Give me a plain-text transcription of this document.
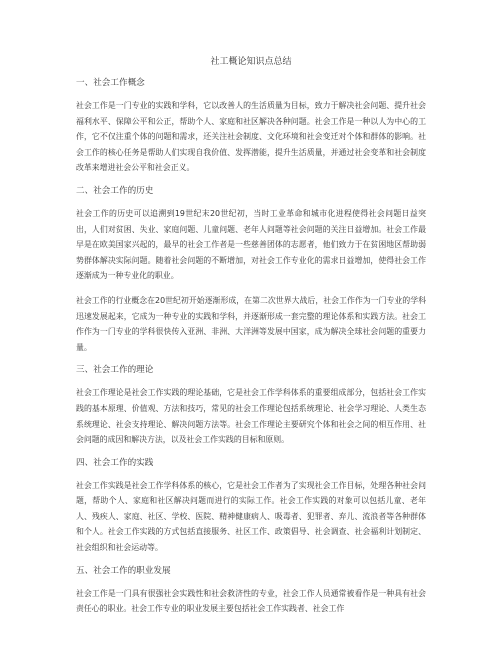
社工概论知识点总结
一、社会工作概念

社会工作是一门专业的实践和学科，它以改善人的生活质量为目标，致力于解决社会问题、提升社会福利水平、保障公平和公正，帮助个人、家庭和社区解决各种问题。社会工作是一种以人为中心的工作，它不仅注重个体的问题和需求，还关注社会制度、文化环境和社会变迁对个体和群体的影响。社会工作的核心任务是帮助人们实现自我价值、发挥潜能，提升生活质量，并通过社会变革和社会制度改革来增进社会公平和社会正义。

二、社会工作的历史

社会工作的历史可以追溯到19世纪末20世纪初，当时工业革命和城市化进程使得社会问题日益突出，人们对贫困、失业、家庭问题、儿童问题、老年人问题等社会问题的关注日益增加。社会工作最早是在欧美国家兴起的，最早的社会工作者是一些慈善团体的志愿者，他们致力于在贫困地区帮助弱势群体解决实际问题。随着社会问题的不断增加，对社会工作专业化的需求日益增加，使得社会工作逐渐成为一种专业化的职业。

社会工作的行业概念在20世纪初开始逐渐形成，在第二次世界大战后，社会工作作为一门专业的学科迅速发展起来，它成为一种专业的实践和学科，并逐渐形成一套完整的理论体系和实践方法。社会工作作为一门专业的学科很快传入亚洲、非洲、大洋洲等发展中国家，成为解决全球社会问题的重要力量。

三、社会工作的理论

社会工作理论是社会工作实践的理论基础，它是社会工作学科体系的重要组成部分，包括社会工作实践的基本原理、价值观、方法和技巧，常见的社会工作理论包括系统理论、社会学习理论、人类生态系统理论、社会支持理论、解决问题方法等。社会工作理论主要研究个体和社会之间的相互作用、社会问题的成因和解决方法，以及社会工作实践的目标和原则。

四、社会工作的实践

社会工作实践是社会工作学科体系的核心，它是社会工作者为了实现社会工作目标，处理各种社会问题，帮助个人、家庭和社区解决问题而进行的实际工作。社会工作实践的对象可以包括儿童、老年人、残疾人、家庭、社区、学校、医院、精神健康病人、吸毒者、犯罪者、弃儿、流浪者等各种群体和个人。社会工作实践的方式包括直接服务、社区工作、政策倡导、社会调查、社会福利计划制定、社会组织和社会运动等。

五、社会工作的职业发展

社会工作是一门具有很强社会实践性和社会救济性的专业，社会工作人员通常被看作是一种具有社会责任心的职业。社会工作专业的职业发展主要包括社会工作实践者、社会工作
